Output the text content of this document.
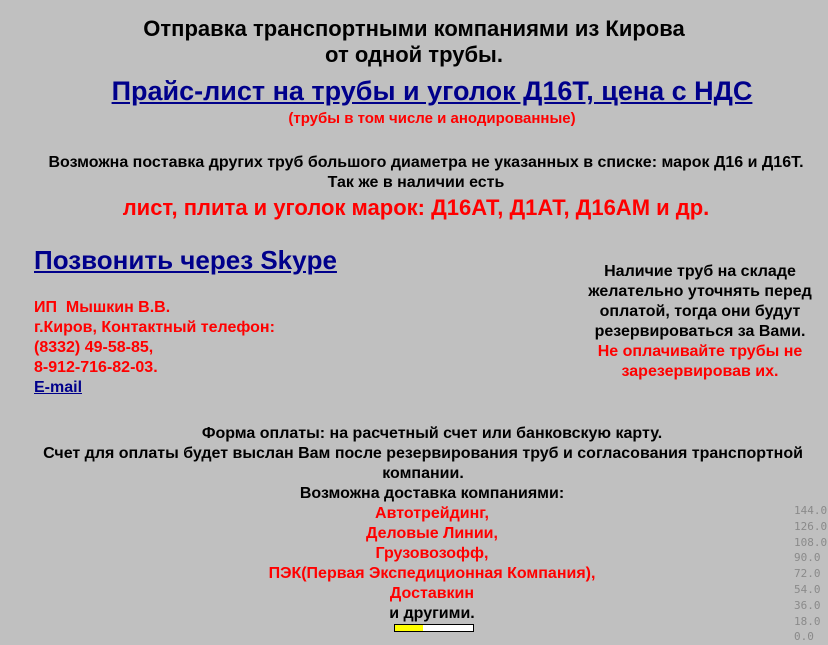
Отправка транспортными компаниями из Кирова
от одной трубы.
Прайс-лист на трубы и уголок Д16Т, цена с НДС
(трубы в том числе и анодированные)
Возможна поставка других труб большого диаметра не указанных в списке: марок Д16 и Д16Т.
Так же в наличии есть
лист, плита и уголок марок: Д16АТ, Д1АТ, Д16АМ и др.
Позвонить через Skype
ИП  Мышкин В.В.
г.Киров, Контактный телефон:
(8332) 49-58-85,
8-912-716-82-03.
E-mail
Наличие труб на складе
желательно уточнять перед
оплатой, тогда они будут
резервироваться за Вами.
Не оплачивайте трубы не
зарезервировав их.
Форма оплаты: на расчетный счет или банковскую карту.
Счет для оплаты будет выслан Вам после резервирования труб и согласования транспортной компании.
Возможна доставка компаниями:
Автотрейдинг,
Деловые Линии,
Грузовозофф,
ПЭК(Первая Экспедиционная Компания),
Доставкин
и другими.
144.0
126.0
108.0
90.0
72.0
54.0
36.0
18.0
0.0
